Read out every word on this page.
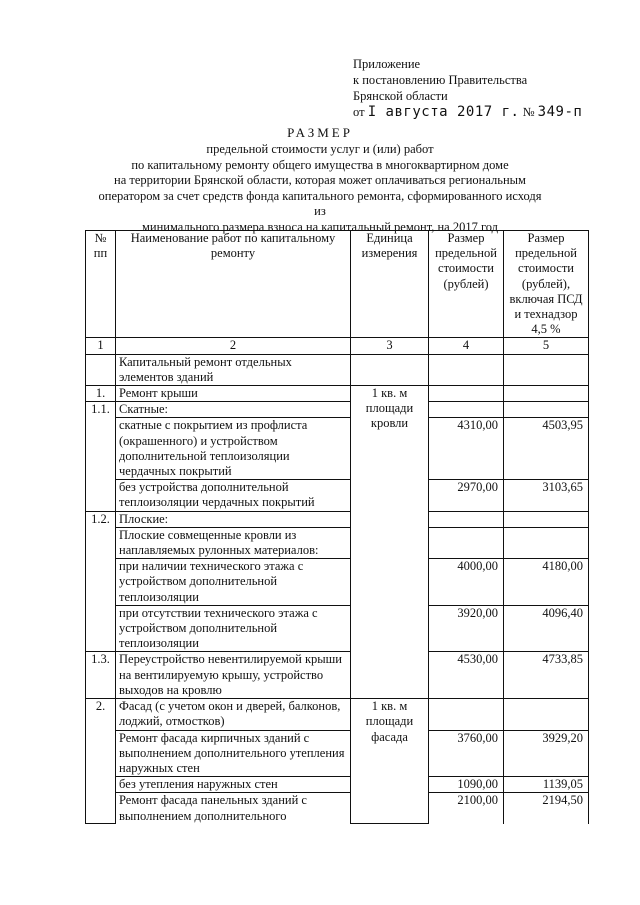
Приложение
к постановлению Правительства
Брянской области
от I августа 2017 г. № 349-п
РАЗМЕР
предельной стоимости услуг и (или) работ
по капитальному ремонту общего имущества в многоквартирном доме
на территории Брянской области, которая может оплачиваться региональным
оператором за счет средств фонда капитального ремонта, сформированного исходя из
минимального размера взноса на капитальный ремонт, на 2017 год
№ пп	Наименование работ по капитальному ремонту	Единица измерения	Размер предельной стоимости (рублей)	Размер предельной стоимости (рублей), включая ПСД и технадзор 4,5 %
1	2	3	4	5
	Капитальный ремонт отдельных элементов зданий			
1.	Ремонт крыши	1 кв. м площади кровли		
1.1.	Скатные:			
	скатные с покрытием из профлиста (окрашенного) и устройством дополнительной теплоизоляции чердачных покрытий		4310,00	4503,95
	без устройства дополнительной теплоизоляции чердачных покрытий		2970,00	3103,65
1.2.	Плоские:			
	Плоские совмещенные кровли из наплавляемых рулонных материалов:			
	при наличии технического этажа с устройством дополнительной теплоизоляции		4000,00	4180,00
	при отсутствии технического этажа с устройством дополнительной теплоизоляции		3920,00	4096,40
1.3.	Переустройство невентилируемой крыши на вентилируемую крышу, устройство выходов на кровлю		4530,00	4733,85
2.	Фасад (с учетом окон и дверей, балконов, лоджий, отмостков)	1 кв. м площади фасада		
	Ремонт фасада кирпичных зданий с выполнением дополнительного утепления наружных стен		3760,00	3929,20
	без утепления наружных стен		1090,00	1139,05
	Ремонт фасада панельных зданий с выполнением дополнительного		2100,00	2194,50
